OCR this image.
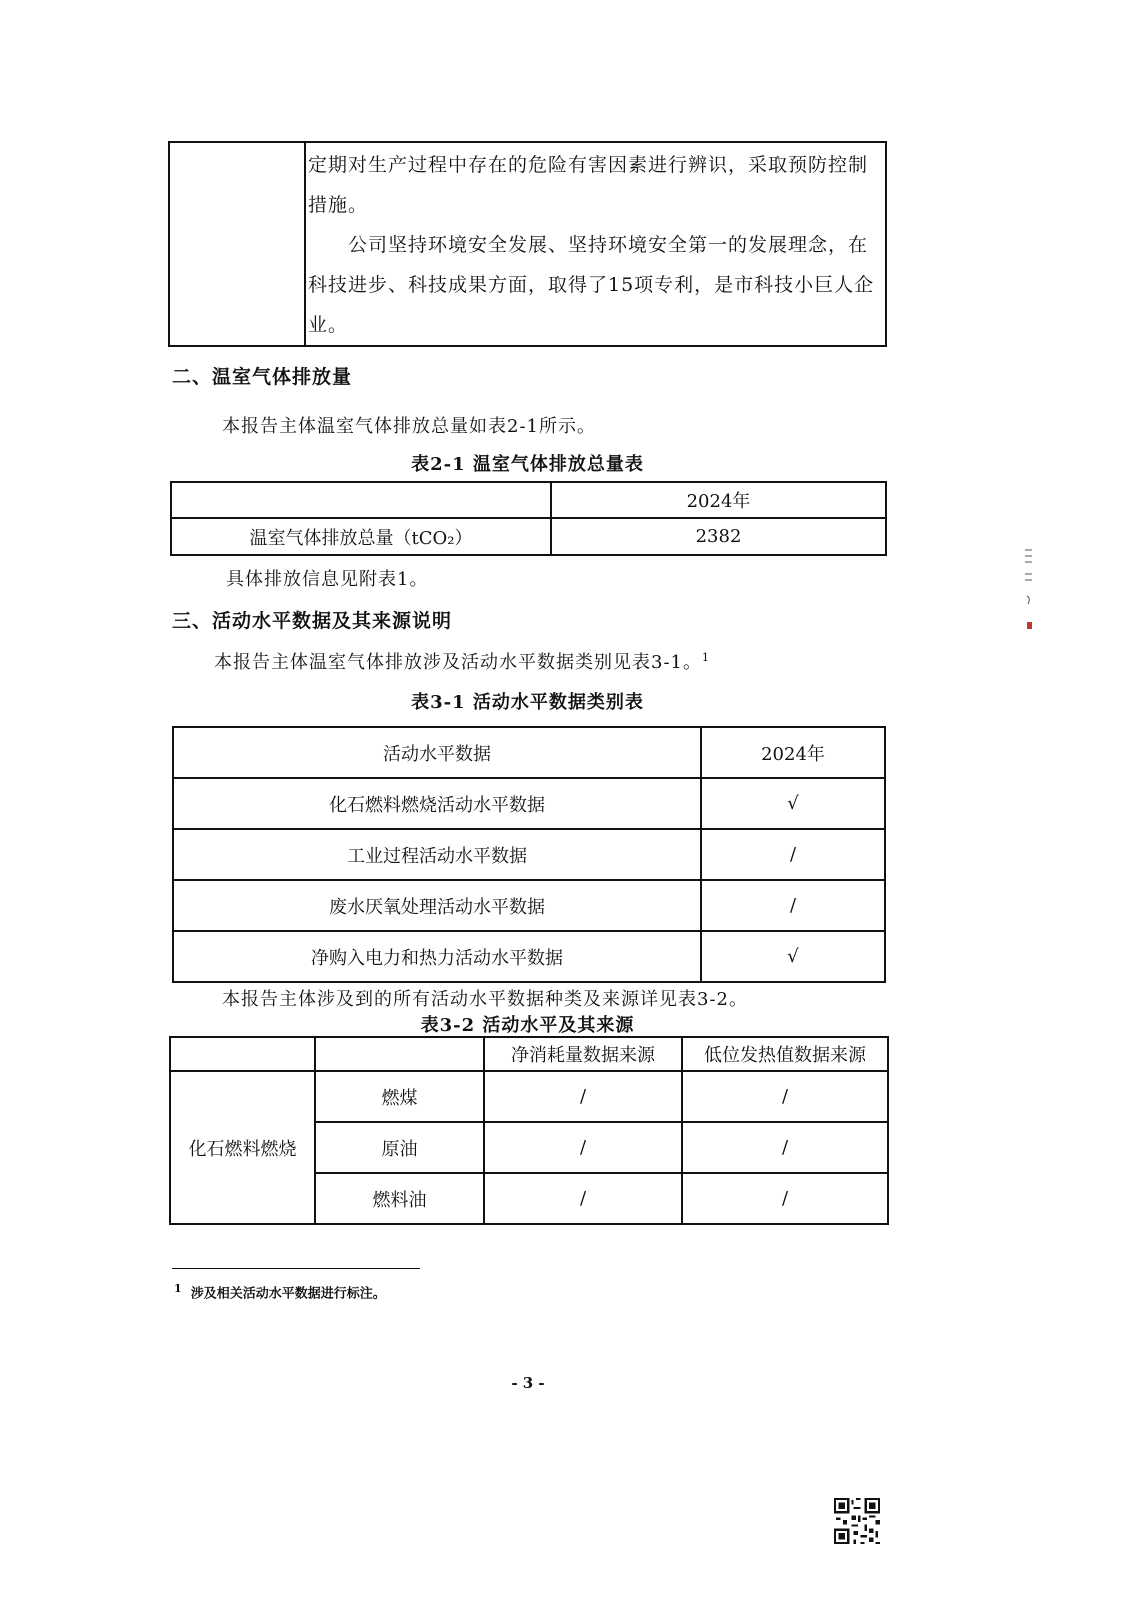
定期对生产过程中存在的危险有害因素进行辨识，采取预防控制措施。

公司坚持环境安全发展、坚持环境安全第一的发展理念，在科技进步、科技成果方面，取得了15项专利，是市科技小巨人企业。

二、温室气体排放量
本报告主体温室气体排放总量如表2-1所示。
表2-1 温室气体排放总量表
	2024年
温室气体排放总量（tCO₂）	2382
具体排放信息见附表1。
三、活动水平数据及其来源说明
本报告主体温室气体排放涉及活动水平数据类别见表3-1。$^1$
表3-1 活动水平数据类别表
活动水平数据	2024年
化石燃料燃烧活动水平数据	√
工业过程活动水平数据	/
废水厌氧处理活动水平数据	/
净购入电力和热力活动水平数据	√
本报告主体涉及到的所有活动水平数据种类及来源详见表3-2。
表3-2 活动水平及其来源
		净消耗量数据来源	低位发热值数据来源
化石燃料燃烧	燃煤	/	/
	原油	/	/
	燃料油	/	/
$^1$ 涉及相关活动水平数据进行标注。
- 3 -
